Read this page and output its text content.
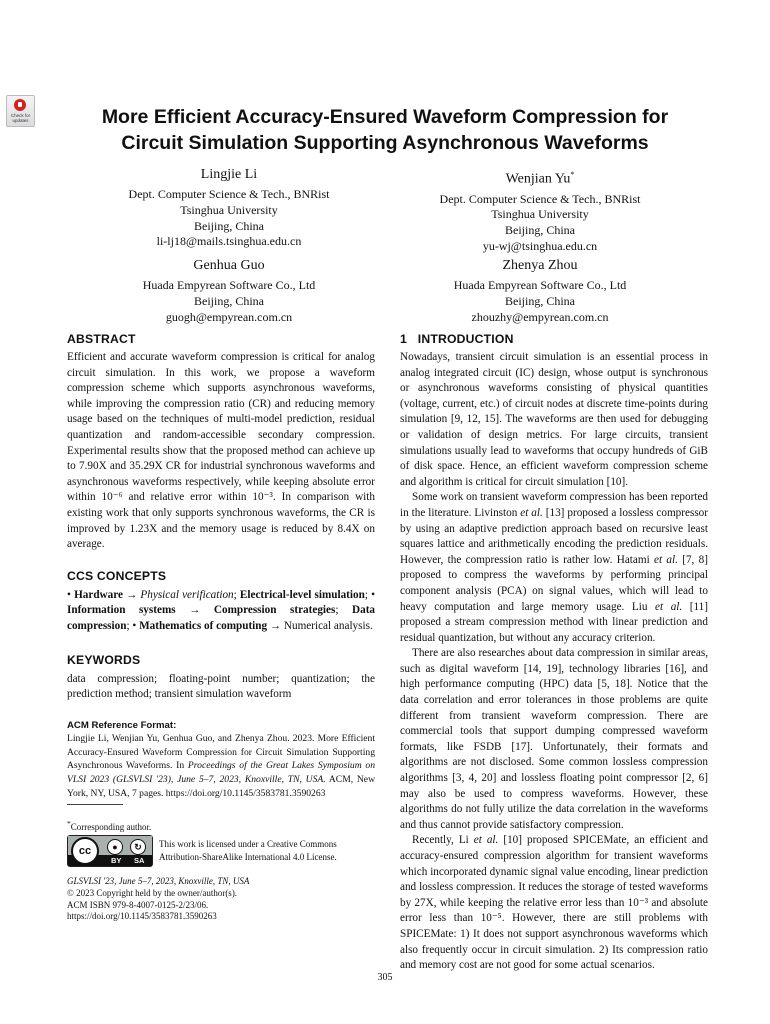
Check for updates	More Efficient Accuracy-Ensured Waveform Compression for
Circuit Simulation Supporting Asynchronous Waveforms
Lingjie Li
Dept. Computer Science & Tech., BNRist
Tsinghua University
Beijing, China
li-lj18@mails.tsinghua.edu.cn
Wenjian Yu*
Dept. Computer Science & Tech., BNRist
Tsinghua University
Beijing, China
yu-wj@tsinghua.edu.cn
Genhua Guo
Huada Empyrean Software Co., Ltd
Beijing, China
guogh@empyrean.com.cn
Zhenya Zhou
Huada Empyrean Software Co., Ltd
Beijing, China
zhouzhy@empyrean.com.cn
ABSTRACT

Efficient and accurate waveform compression is critical for analog circuit simulation. In this work, we propose a waveform compression scheme which supports asynchronous waveforms, while improving the compression ratio (CR) and reducing memory usage based on the techniques of multi-model prediction, residual quantization and random-accessible secondary compression. Experimental results show that the proposed method can achieve up to 7.90X and 35.29X CR for industrial synchronous waveforms and asynchronous waveforms respectively, while keeping absolute error within 10⁻⁶ and relative error within 10⁻³. In comparison with existing work that only supports synchronous waveforms, the CR is improved by 1.23X and the memory usage is reduced by 8.4X on average.

CCS CONCEPTS

• Hardware → Physical verification; Electrical-level simulation; • Information systems → Compression strategies; Data compression; • Mathematics of computing → Numerical analysis.

KEYWORDS

data compression; floating-point number; quantization; the prediction method; transient simulation waveform

ACM Reference Format:
Lingjie Li, Wenjian Yu, Genhua Guo, and Zhenya Zhou. 2023. More Efficient Accuracy-Ensured Waveform Compression for Circuit Simulation Supporting Asynchronous Waveforms. In Proceedings of the Great Lakes Symposium on VLSI 2023 (GLSVLSI '23), June 5–7, 2023, Knoxville, TN, USA. ACM, New York, NY, USA, 7 pages. https://doi.org/10.1145/3583781.3590263
*Corresponding author.
cc	●	↻
BY SA
This work is licensed under a Creative Commons Attribution-ShareAlike International 4.0 License.
GLSVLSI '23, June 5–7, 2023, Knoxville, TN, USA
© 2023 Copyright held by the owner/author(s).
ACM ISBN 979-8-4007-0125-2/23/06.
https://doi.org/10.1145/3583781.3590263
1 INTRODUCTION

Nowadays, transient circuit simulation is an essential process in analog integrated circuit (IC) design, whose output is synchronous or asynchronous waveforms consisting of physical quantities (voltage, current, etc.) of circuit nodes at discrete time-points during simulation [9, 12, 15]. The waveforms are then used for debugging or validation of design metrics. For large circuits, transient simulations usually lead to waveforms that occupy hundreds of GiB of disk space. Hence, an efficient waveform compression scheme and algorithm is critical for circuit simulation [10].

Some work on transient waveform compression has been reported in the literature. Livinston et al. [13] proposed a lossless compressor by using an adaptive prediction approach based on recursive least squares lattice and arithmetically encoding the prediction residuals. However, the compression ratio is rather low. Hatami et al. [7, 8] proposed to compress the waveforms by performing principal component analysis (PCA) on signal values, which will lead to heavy computation and large memory usage. Liu et al. [11] proposed a stream compression method with linear prediction and residual quantization, but without any accuracy criterion.

There are also researches about data compression in similar areas, such as digital waveform [14, 19], technology libraries [16], and high performance computing (HPC) data [5, 18]. Notice that the data correlation and error tolerances in those problems are quite different from transient waveform compression. There are commercial tools that support dumping compressed waveform formats, like FSDB [17]. Unfortunately, their formats and algorithms are not disclosed. Some common lossless compression algorithms [3, 4, 20] and lossless floating point compressor [2, 6] may also be used to compress waveforms. However, these algorithms do not fully utilize the data correlation in the waveforms and thus cannot provide satisfactory compression.

Recently, Li et al. [10] proposed SPICEMate, an efficient and accuracy-ensured compression algorithm for transient waveforms which incorporated dynamic signal value encoding, linear prediction and lossless compression. It reduces the storage of tested waveforms by 27X, while keeping the relative error less than 10⁻³ and absolute error less than 10⁻⁵. However, there are still problems with SPICEMate: 1) It does not support asynchronous waveforms which also frequently occur in circuit simulation. 2) Its compression ratio and memory cost are not good for some actual scenarios.

305
